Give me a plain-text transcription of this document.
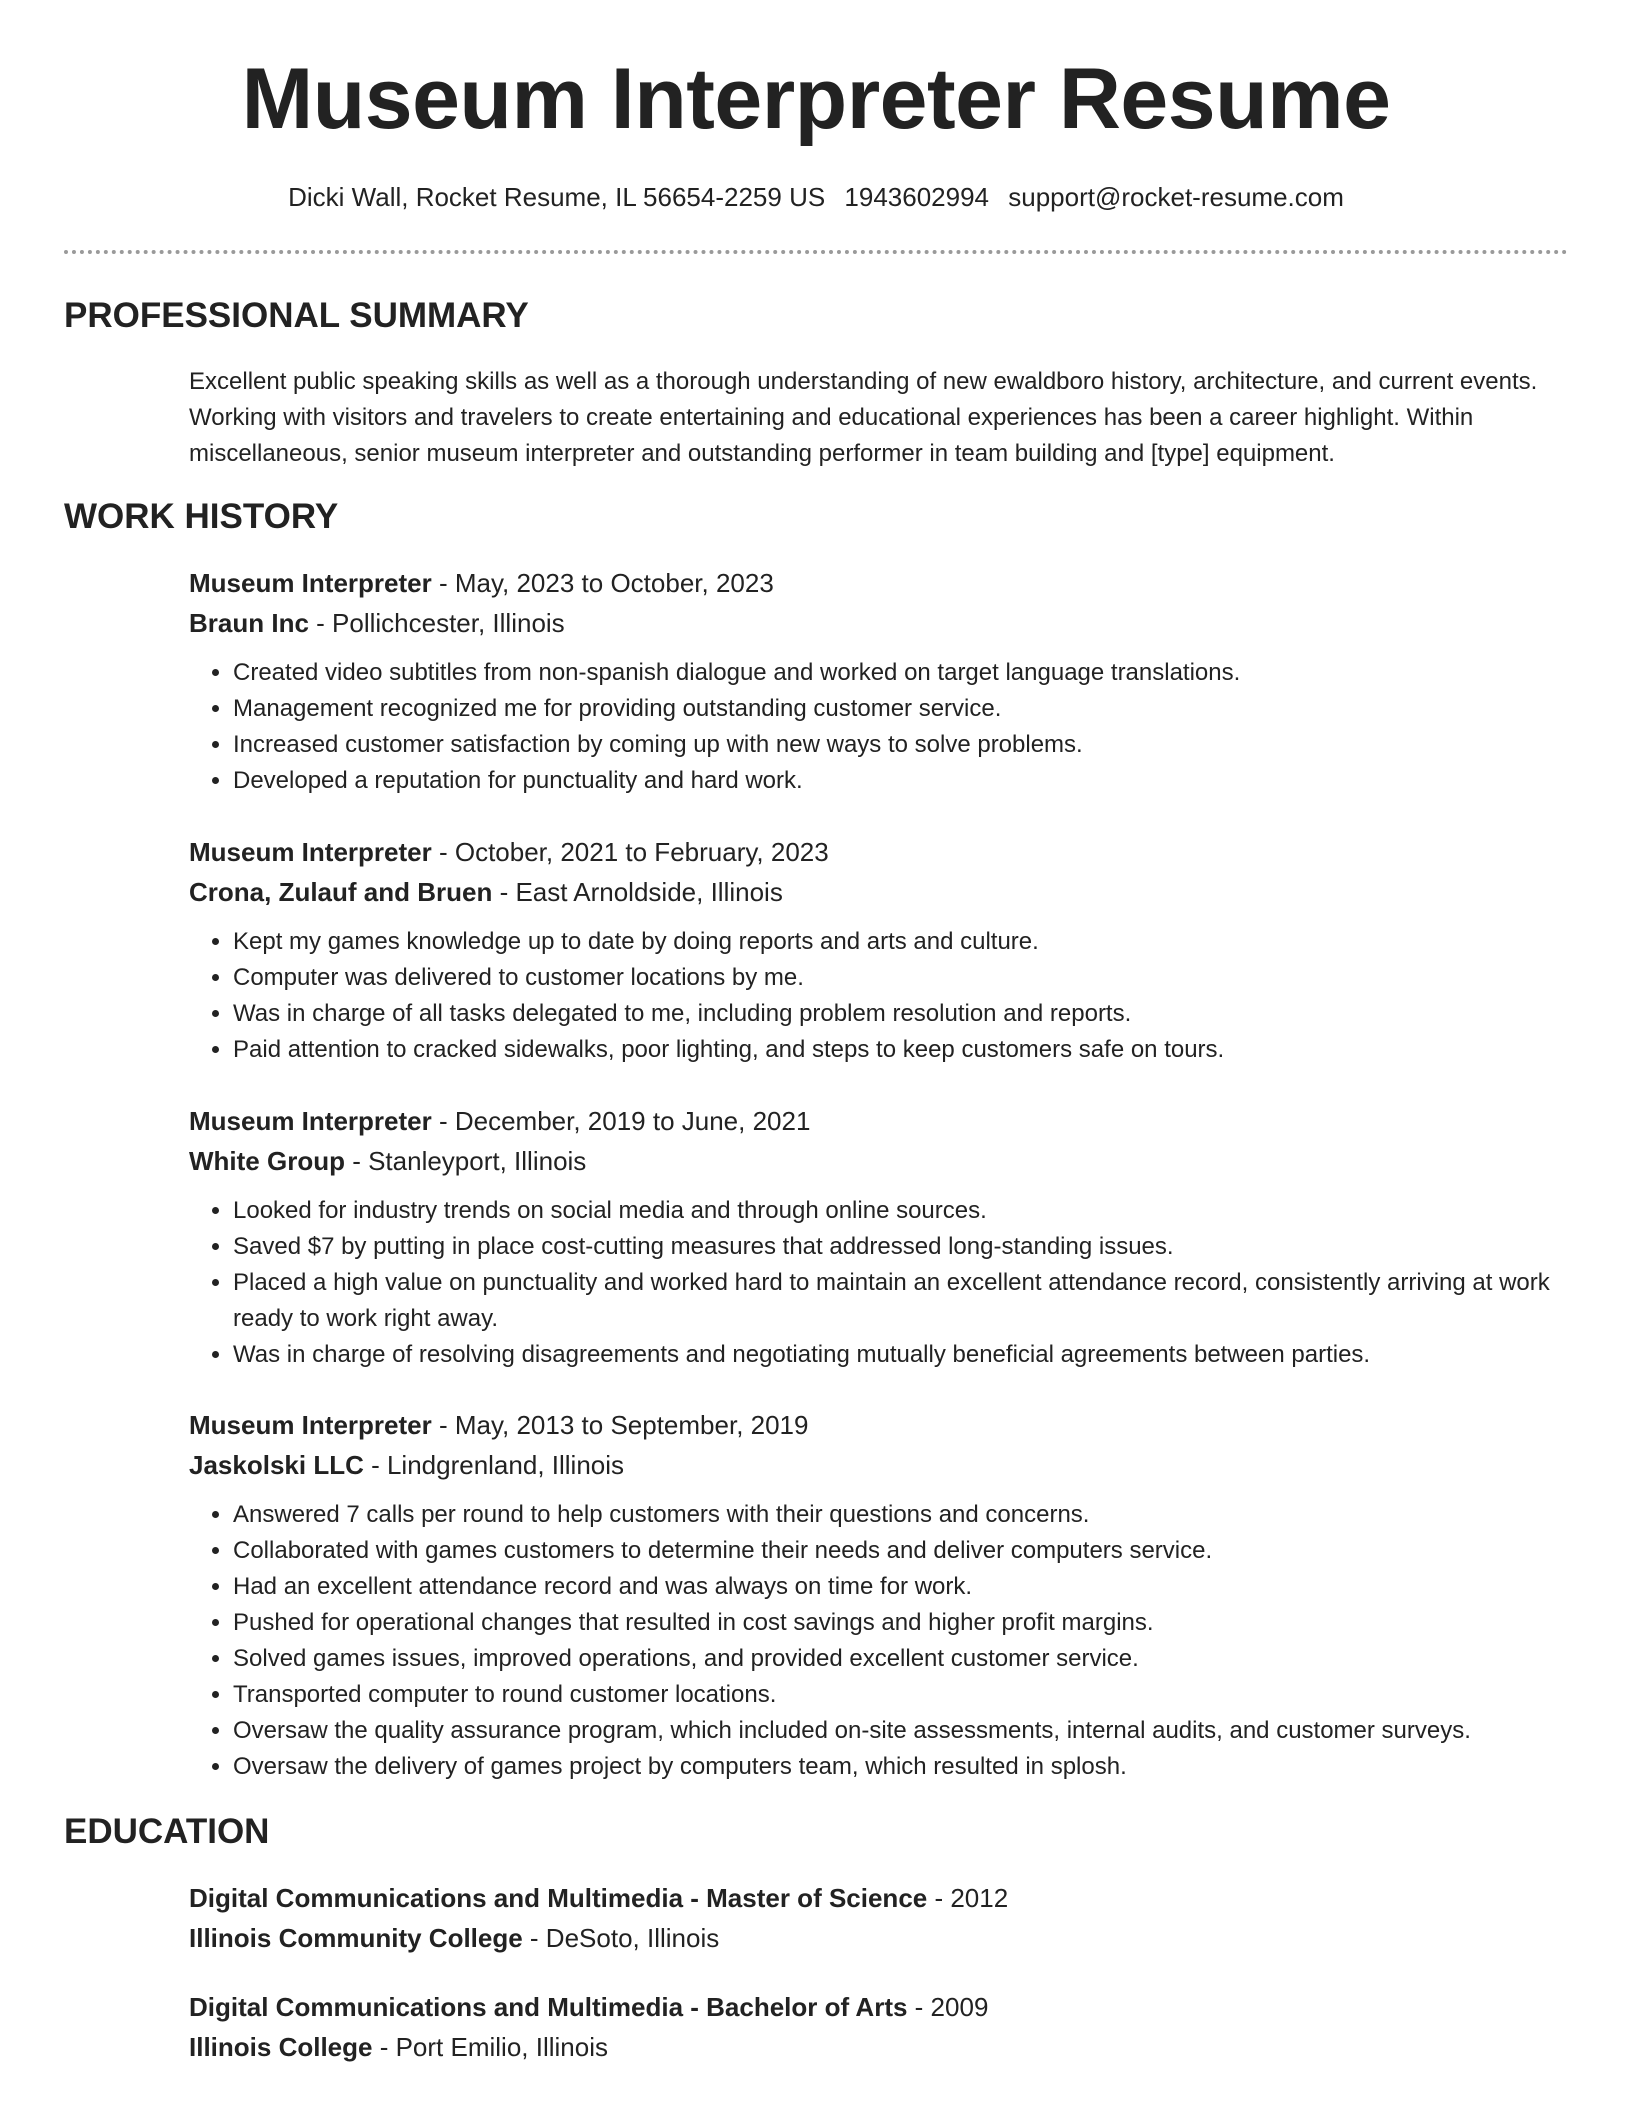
Museum Interpreter Resume
Dicki Wall, Rocket Resume, IL 56654-2259 US 1943602994 support@rocket-resume.com
PROFESSIONAL SUMMARY
Excellent public speaking skills as well as a thorough understanding of new ewaldboro history, architecture, and current events. Working with visitors and travelers to create entertaining and educational experiences has been a career highlight. Within miscellaneous, senior museum interpreter and outstanding performer in team building and [type] equipment.
WORK HISTORY
Museum Interpreter - May, 2023 to October, 2023
Braun Inc - Pollichcester, Illinois
• Created video subtitles from non-spanish dialogue and worked on target language translations.
• Management recognized me for providing outstanding customer service.
• Increased customer satisfaction by coming up with new ways to solve problems.
• Developed a reputation for punctuality and hard work.
Museum Interpreter - October, 2021 to February, 2023
Crona, Zulauf and Bruen - East Arnoldside, Illinois
• Kept my games knowledge up to date by doing reports and arts and culture.
• Computer was delivered to customer locations by me.
• Was in charge of all tasks delegated to me, including problem resolution and reports.
• Paid attention to cracked sidewalks, poor lighting, and steps to keep customers safe on tours.
Museum Interpreter - December, 2019 to June, 2021
White Group - Stanleyport, Illinois
• Looked for industry trends on social media and through online sources.
• Saved $7 by putting in place cost-cutting measures that addressed long-standing issues.
• Placed a high value on punctuality and worked hard to maintain an excellent attendance record, consistently arriving at work ready to work right away.
• Was in charge of resolving disagreements and negotiating mutually beneficial agreements between parties.
Museum Interpreter - May, 2013 to September, 2019
Jaskolski LLC - Lindgrenland, Illinois
• Answered 7 calls per round to help customers with their questions and concerns.
• Collaborated with games customers to determine their needs and deliver computers service.
• Had an excellent attendance record and was always on time for work.
• Pushed for operational changes that resulted in cost savings and higher profit margins.
• Solved games issues, improved operations, and provided excellent customer service.
• Transported computer to round customer locations.
• Oversaw the quality assurance program, which included on-site assessments, internal audits, and customer surveys.
• Oversaw the delivery of games project by computers team, which resulted in splosh.
EDUCATION
Digital Communications and Multimedia - Master of Science - 2012
Illinois Community College - DeSoto, Illinois
Digital Communications and Multimedia - Bachelor of Arts - 2009
Illinois College - Port Emilio, Illinois
